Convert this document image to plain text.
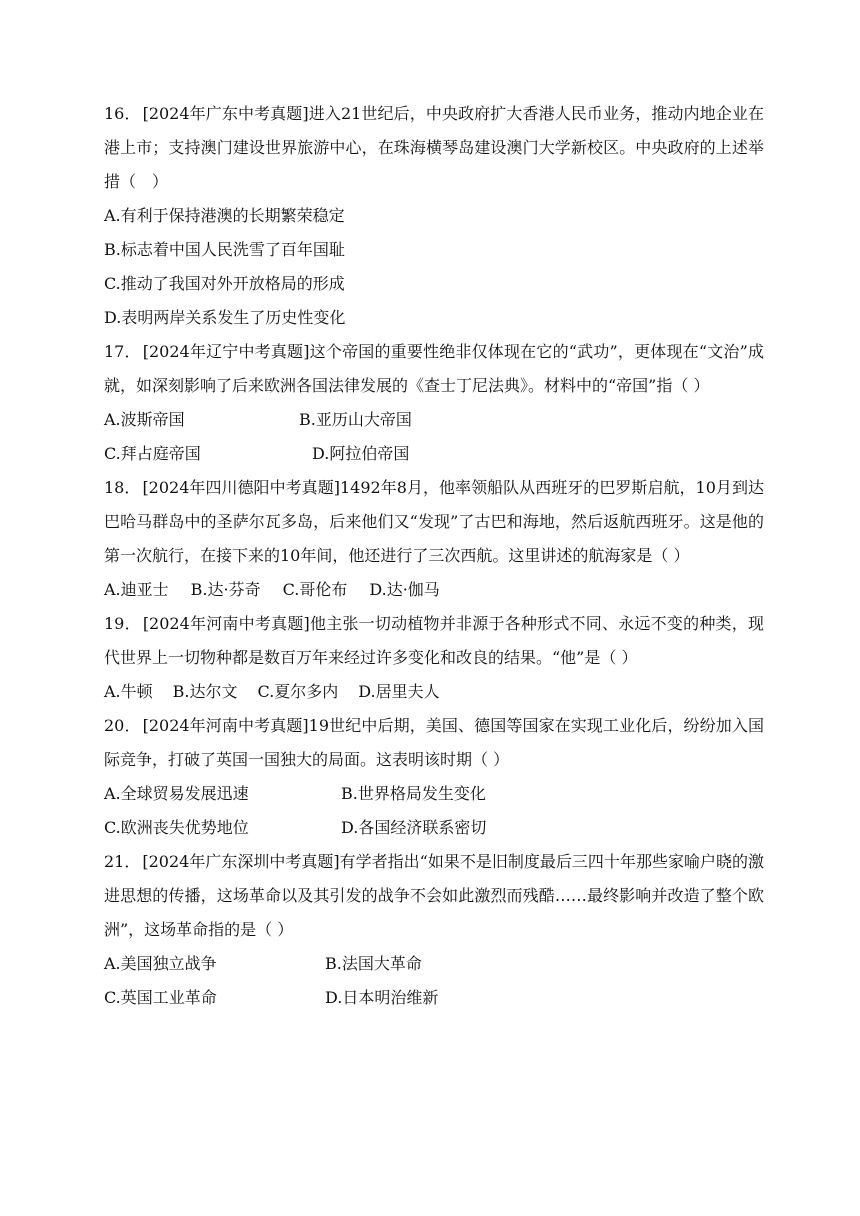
16． [2024年广东中考真题]进入21世纪后，中央政府扩大香港人民币业务，推动内地企业在港上市；支持澳门建设世界旅游中心，在珠海横琴岛建设澳门大学新校区。中央政府的上述举措（　）

A.有利于保持港澳的长期繁荣稳定
B.标志着中国人民洗雪了百年国耻
C.推动了我国对外开放格局的形成
D.表明两岸关系发生了历史性变化

17． [2024年辽宁中考真题]这个帝国的重要性绝非仅体现在它的“武功”，更体现在“文治”成就，如深刻影响了后来欧洲各国法律发展的《查士丁尼法典》。材料中的“帝国”指（ ）

A.波斯帝国	B.亚历山大帝国
C.拜占庭帝国	D.阿拉伯帝国

18． [2024年四川德阳中考真题]1492年8月，他率领船队从西班牙的巴罗斯启航，10月到达巴哈马群岛中的圣萨尔瓦多岛，后来他们又“发现”了古巴和海地，然后返航西班牙。这是他的第一次航行，在接下来的10年间，他还进行了三次西航。这里讲述的航海家是（ ）

A.迪亚士 B.达·芬奇 C.哥伦布 D.达·伽马

19． [2024年河南中考真题]他主张一切动植物并非源于各种形式不同、永远不变的种类，现代世界上一切物种都是数百万年来经过许多变化和改良的结果。“他”是（ ）

A.牛顿 B.达尔文 C.夏尔多内 D.居里夫人

20． [2024年河南中考真题]19世纪中后期，美国、德国等国家在实现工业化后，纷纷加入国际竞争，打破了英国一国独大的局面。这表明该时期（ ）

A.全球贸易发展迅速	B.世界格局发生变化
C.欧洲丧失优势地位	D.各国经济联系密切

21． [2024年广东深圳中考真题]有学者指出“如果不是旧制度最后三四十年那些家喻户晓的激进思想的传播，这场革命以及其引发的战争不会如此激烈而残酷……最终影响并改造了整个欧洲”，这场革命指的是（ ）

A.美国独立战争	B.法国大革命
C.英国工业革命	D.日本明治维新
